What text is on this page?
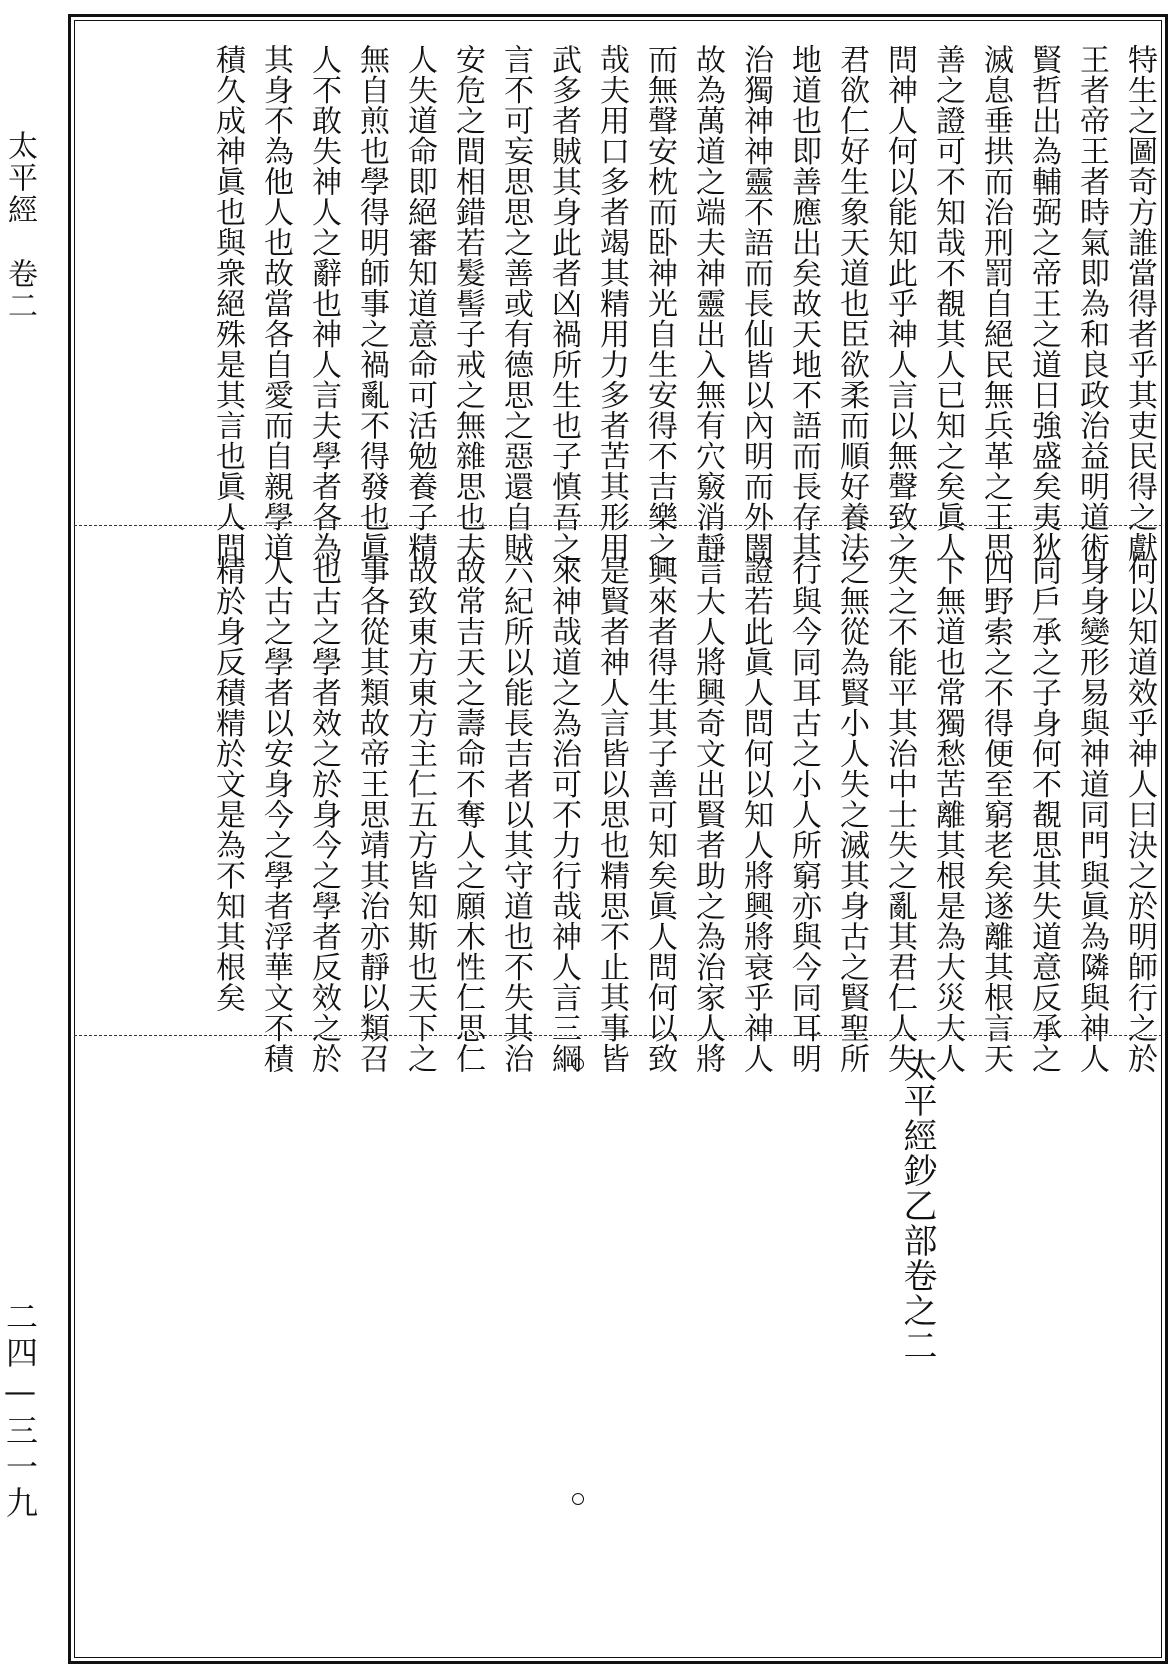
太平經　卷二
二四—三一九
特生之圖奇方誰當得者乎其吏民得之獻
王者帝王者時氣即為和良政治益明道術
賢哲出為輔弼之帝王之道日強盛矣夷狄
滅息垂拱而治刑罰自絕民無兵革之王思
善之證可不知哉不覩其人已知之矣眞人
問神人何以能知此乎神人言以無聲致之
君欲仁好生象天道也臣欲柔而順好養法
地道也即善應出矣故天地不語而長存其
治獨神神靈不語而長仙皆以內明而外闇
故為萬道之端夫神靈出入無有穴竅消靜
而無聲安枕而卧神光自生安得不吉樂之
哉夫用口多者竭其精用力多者苦其形用
武多者賊其身此者凶禍所生也子慎吾之
言不可妄思思之善或有德思之惡還自賊
安危之間相錯若髮髻子戒之無雜思也夫
人失道命即絕審知道意命可活勉養子精
無自煎也學得明師事之禍亂不得發也眞
人不敢失神人之辭也神人言夫學者各為
其身不為他人也故當各自愛而自親學道
積久成神眞也與衆絕殊是其言也眞人問
何以知道效乎神人曰決之於明師行之於
身身變形易與神道同門與眞為隣與神人
同戶承之子身何不覩思其失道意反承之
四野索之不得便至窮老矣遂離其根言天
下無道也常獨愁苦離其根是為大災大人
失之不能平其治中士失之亂其君仁人失
之無從為賢小人失之滅其身古之賢聖所
行與今同耳古之小人所窮亦與今同耳明
證若此眞人問何以知人將興將衰乎神人
言大人將興奇文出賢者助之為治家人將
興來者得生其子善可知矣眞人問何以致
是賢者神人言皆以思也精思不止其事皆
來神哉道之為治可不力行哉神人言三綱
六紀所以能長吉者以其守道也不失其治
故常吉天之壽命不奪人之願木性仁思仁
故致東方東方主仁五方皆知斯也天下之
事各從其類故帝王思靖其治亦靜以類召
也古之學者效之於身今之學者反效之於
人古之學者以安身今之學者浮華文不積
精於身反積精於文是為不知其根矣
太平經鈔乙部卷之二
